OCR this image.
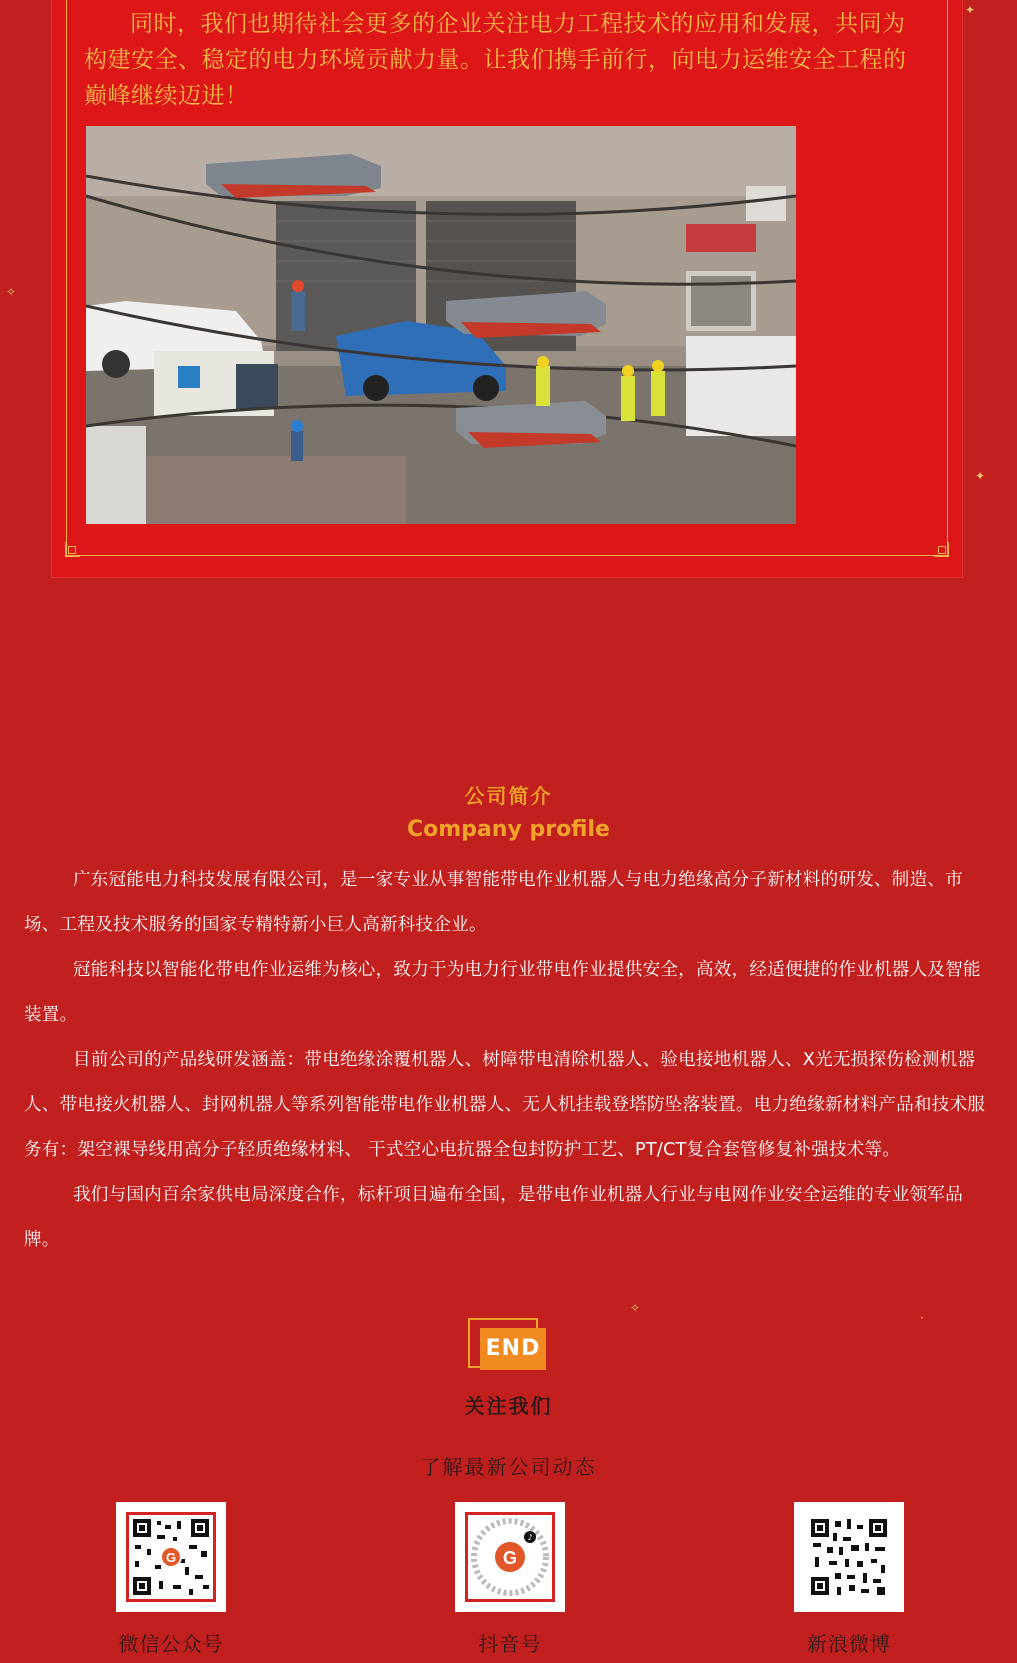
✦
✧
✦
✧
·

同时，我们也期待社会更多的企业关注电力工程技术的应用和发展，共同为构建安全、稳定的电力环境贡献力量。让我们携手前行，向电力运维安全工程的巅峰继续迈进！

公司简介
Company profile

广东冠能电力科技发展有限公司，是一家专业从事智能带电作业机器人与电力绝缘高分子新材料的研发、制造、市场、工程及技术服务的国家专精特新小巨人高新科技企业。

冠能科技以智能化带电作业运维为核心，致力于为电力行业带电作业提供安全，高效，经适便捷的作业机器人及智能装置。

目前公司的产品线研发涵盖：带电绝缘涂覆机器人、树障带电清除机器人、验电接地机器人、X光无损探伤检测机器人、带电接火机器人、封网机器人等系列智能带电作业机器人、无人机挂载登塔防坠落装置。电力绝缘新材料产品和技术服务有：架空裸导线用高分子轻质绝缘材料、 干式空心电抗器全包封防护工艺、PT/CT复合套管修复补强技术等。

我们与国内百余家供电局深度合作，标杆项目遍布全国，是带电作业机器人行业与电网作业安全运维的专业领军品牌。

END
关注我们
了解最新公司动态
G
微信公众号
G
♪
抖音号	新浪微博
